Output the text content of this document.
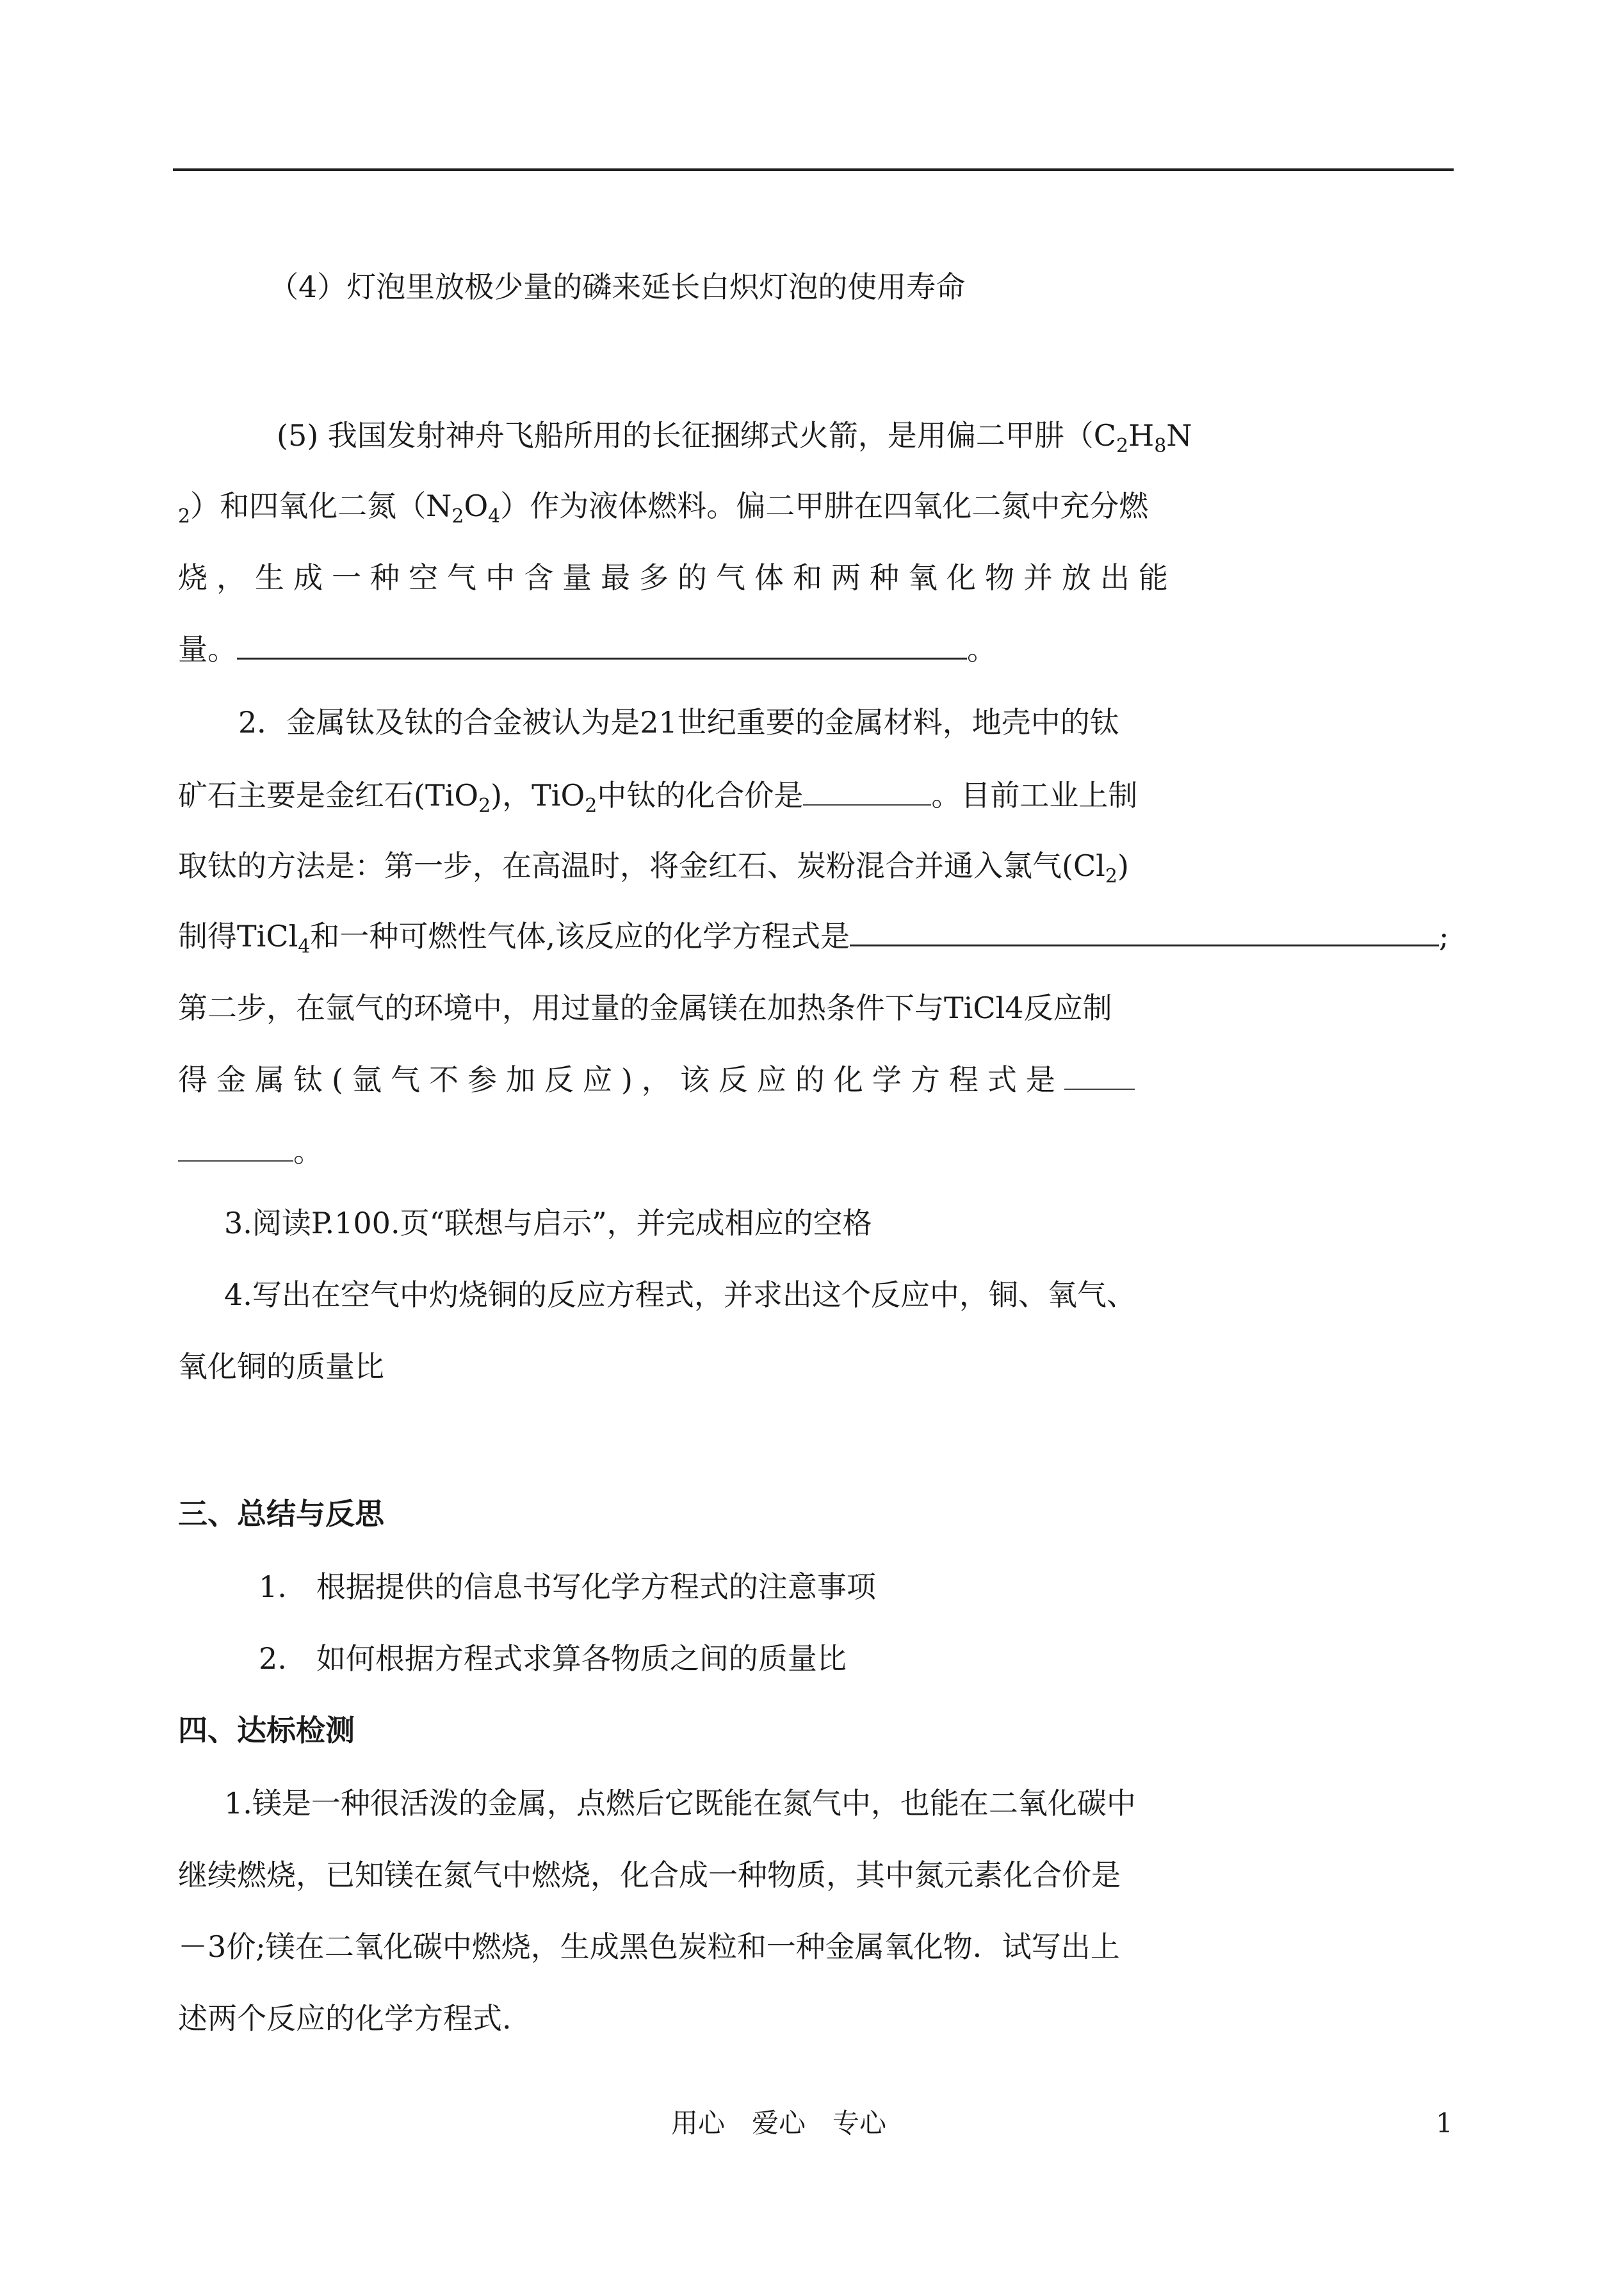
（4）灯泡里放极少量的磷来延长白炽灯泡的使用寿命
(5) 我国发射神舟飞船所用的长征捆绑式火箭，是用偏二甲肼（$C_2H_8N$
$_2$）和四氧化二氮$(N_2O_4)$作为液体燃料。偏二甲肼在四氧化二氮中充分燃
烧，生成一种空气中含量最多的气体和两种氧化物并放出能
量。	。
2．金属钛及钛的合金被认为是21世纪重要的金属材料，地壳中的钛
矿石主要是金红石(TiO$_2$)，TiO$_2$中钛的化合价是	。目前工业上制
取钛的方法是：第一步，在高温时，将金红石、炭粉混合并通入氯气$(Cl_2)$
制得TiCl$_4$和一种可燃性气体,该反应的化学方程式是	;
第二步，在氩气的环境中，用过量的金属镁在加热条件下与TiCl4反应制
得金属钛(氩气不参加反应)，该反应的化学方程式是
。
3.阅读P.100.页“联想与启示”，并完成相应的空格
4.写出在空气中灼烧铜的反应方程式，并求出这个反应中，铜、氧气、
氧化铜的质量比
三、总结与反思
1.　根据提供的信息书写化学方程式的注意事项
2.　如何根据方程式求算各物质之间的质量比
四、达标检测
1.镁是一种很活泼的金属，点燃后它既能在氮气中，也能在二氧化碳中
继续燃烧，已知镁在氮气中燃烧，化合成一种物质，其中氮元素化合价是
－3价;镁在二氧化碳中燃烧，生成黑色炭粒和一种金属氧化物．试写出上
述两个反应的化学方程式.
用心　爱心　专心	1
